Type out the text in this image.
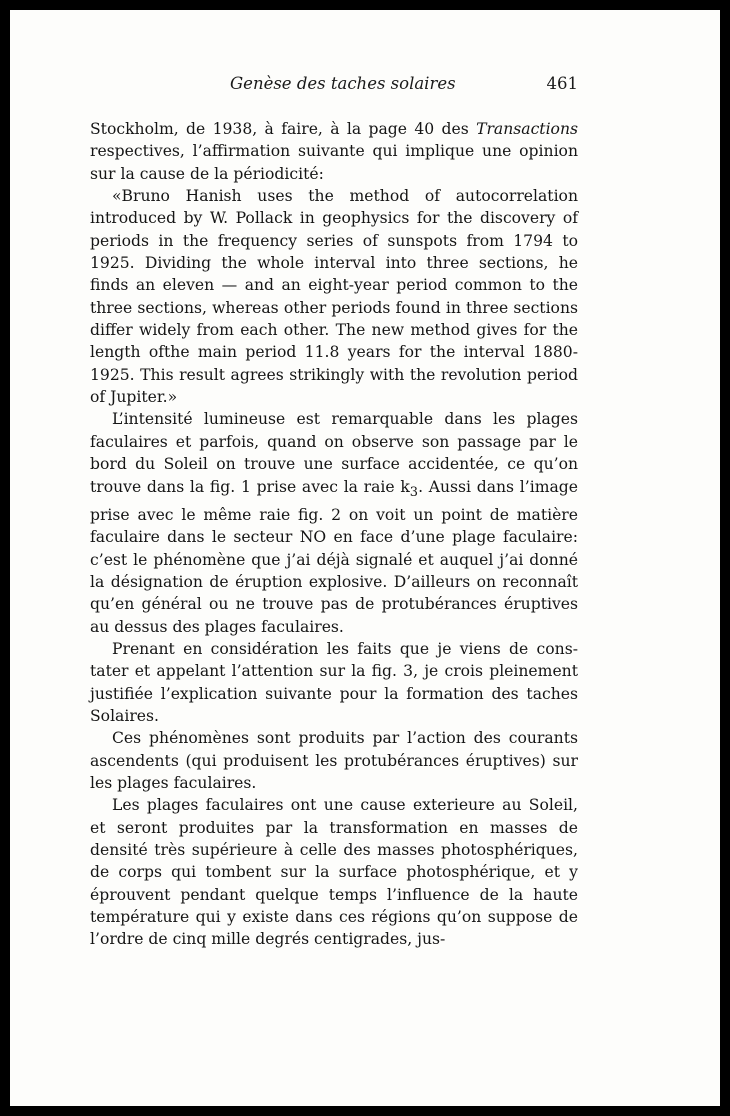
Genèse des taches solaires	461

Stockholm, de 1938, à faire, à la page 40 des Transactions respectives, l’affirmation suivante qui implique une opinion sur la cause de la périodicité:

«Bruno Hanish uses the method of autocorrelation introduced by W. Pollack in geophysics for the discovery of periods in the frequency series of sunspots from 1794 to 1925. Dividing the whole interval into three sections, he finds an eleven — and an eight-year period common to the three sections, whereas other periods found in three sections differ widely from each other. The new method gives for the length ofthe main period 11.8 years for the interval 1880-1925. This result agrees strikingly with the revolution period of Jupiter.»

L’intensité lumineuse est remarquable dans les plages faculaires et parfois, quand on observe son passage par le bord du Soleil on trouve une surface accidentée, ce qu’on trouve dans la fig. 1 prise avec la raie $k_3$. Aussi dans l’image prise avec le même raie fig. 2 on voit un point de matière faculaire dans le secteur NO en face d’une plage faculaire: c’est le phénomène que j’ai déjà signalé et auquel j’ai donné la désignation de éruption explosive. D’ailleurs on reconnaît qu’en général ou ne trouve pas de protubérances éruptives au dessus des plages faculaires.

Prenant en considération les faits que je viens de constater et appelant l’attention sur la fig. 3, je crois pleinement justifiée l’explication suivante pour la formation des taches Solaires.

Ces phénomènes sont produits par l’action des courants ascendents (qui produisent les protubérances éruptives) sur les plages faculaires.

Les plages faculaires ont une cause exterieure au Soleil, et seront produites par la transformation en masses de densité très supérieure à celle des masses photosphériques, de corps qui tombent sur la surface photosphérique, et y éprouvent pendant quelque temps l’influence de la haute température qui y existe dans ces régions qu’on suppose de l’ordre de cinq mille degrés centigrades, jus-
